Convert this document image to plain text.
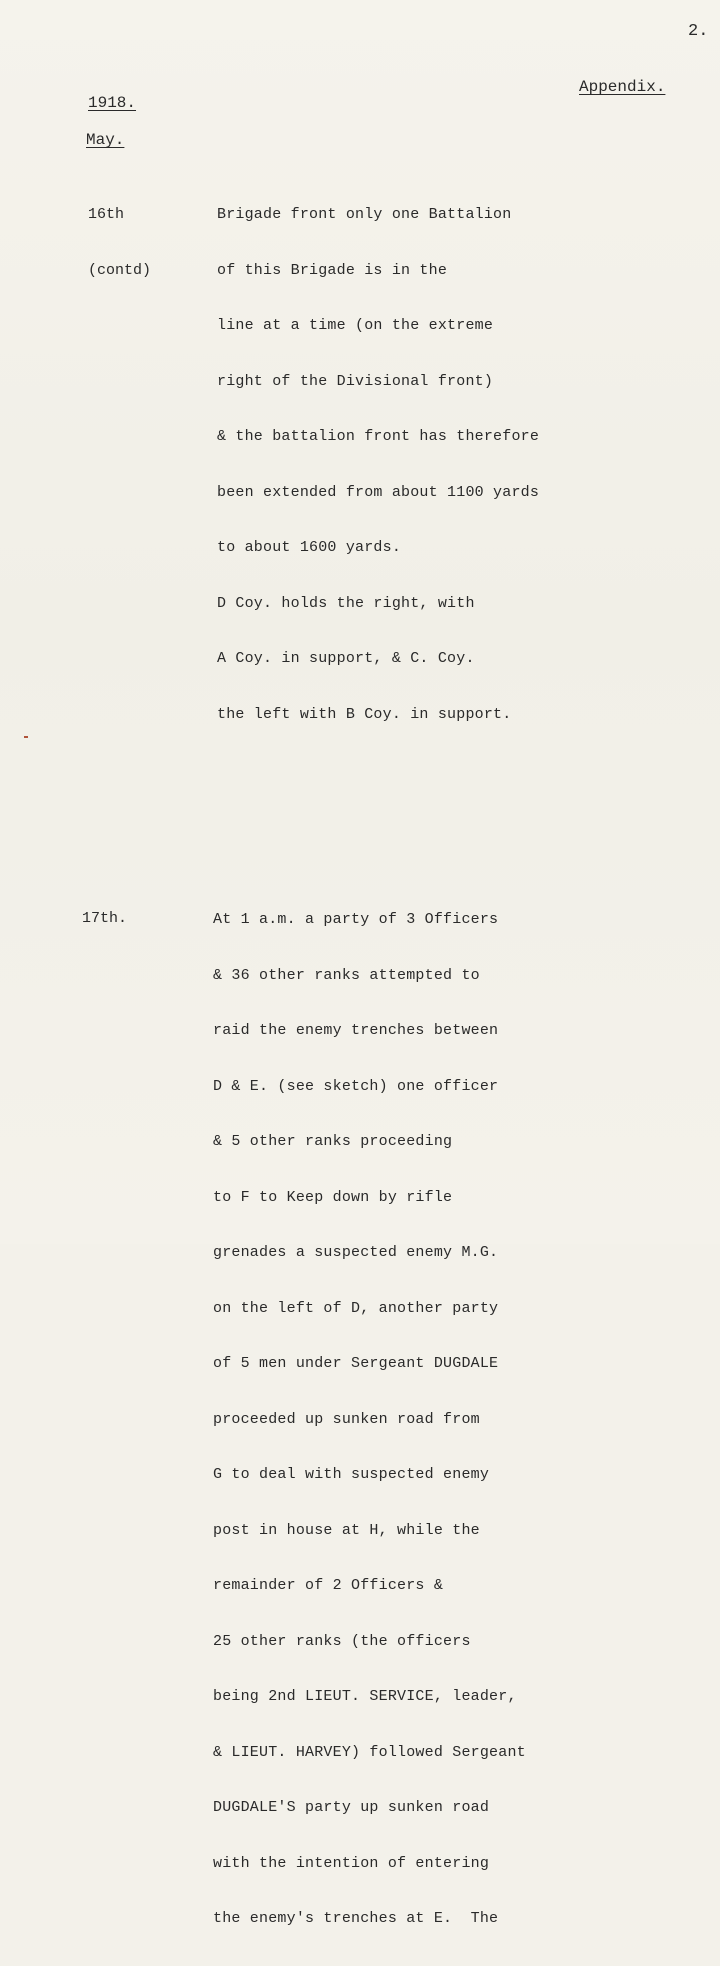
2.
Appendix.
1918.
May.

16th

(contd)

Brigade front only one Battalion

of this Brigade is in the

line at a time (on the extreme

right of the Divisional front)

& the battalion front has therefore

been extended from about 1100 yards

to about 1600 yards.

D Coy. holds the right, with

A Coy. in support, & C. Coy.

the left with B Coy. in support.

17th.

	At 1 a.m. a party of 3 Officers

& 36 other ranks attempted to

raid the enemy trenches between

D & E. (see sketch) one officer

& 5 other ranks proceeding

to F to Keep down by rifle

grenades a suspected enemy M.G.

on the left of D, another party

of 5 men under Sergeant DUGDALE

proceeded up sunken road from

G to deal with suspected enemy

post in house at H, while the

remainder of 2 Officers &

25 other ranks (the officers

being 2nd LIEUT. SERVICE, leader,

& LIEUT. HARVEY) followed Sergeant

DUGDALE'S party up sunken road

with the intention of entering

the enemy's trenches at E.  The
